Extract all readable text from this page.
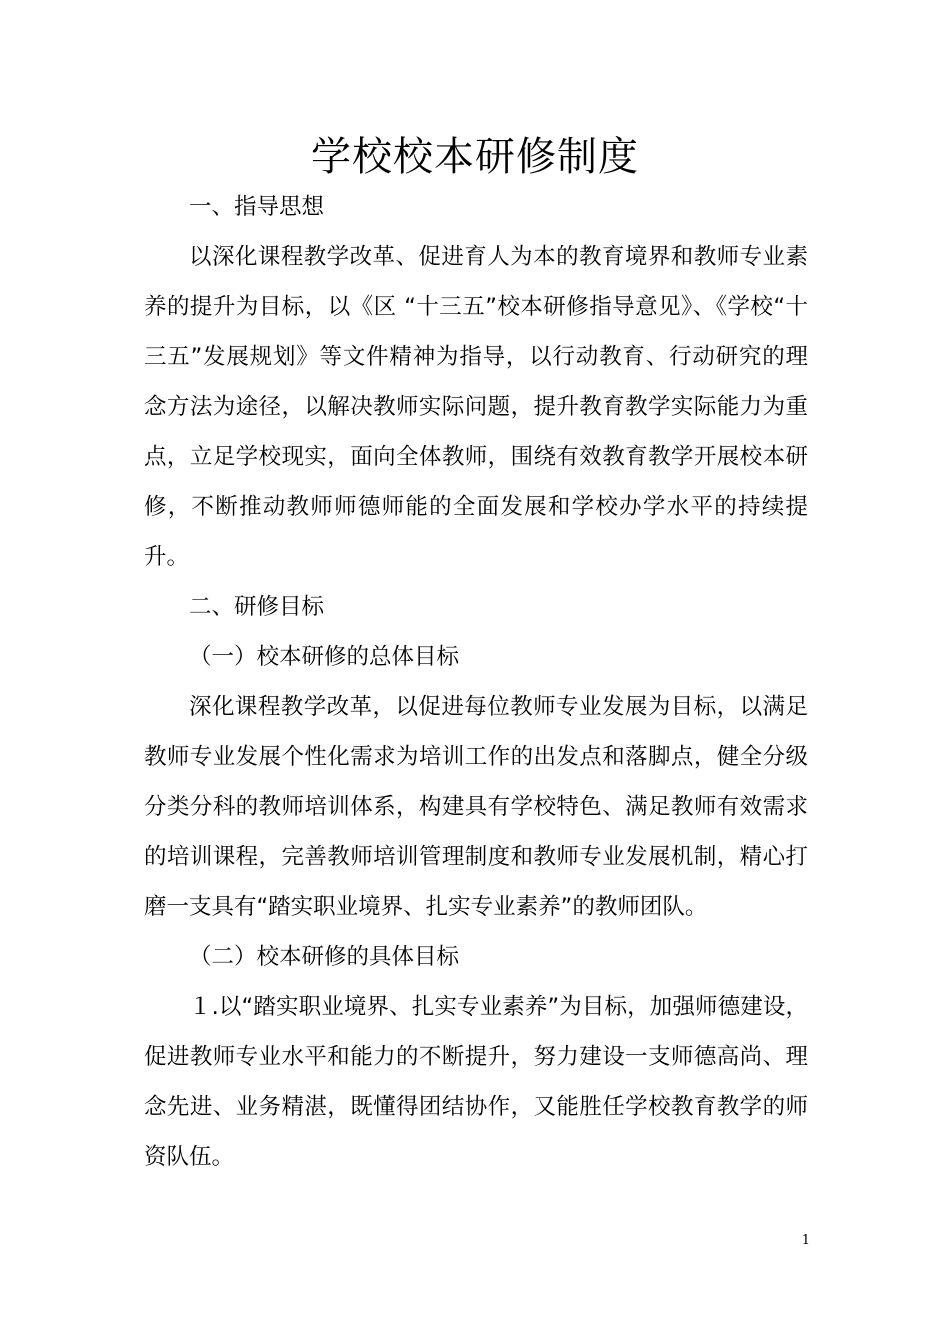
学校校本研修制度

一、指导思想

以深化课程教学改革、促进育人为本的教育境界和教师专业素养的提升为目标，以《区 “十三五”校本研修指导意见》、《学校“十三五”发展规划》等文件精神为指导，以行动教育、行动研究的理念方法为途径，以解决教师实际问题，提升教育教学实际能力为重点，立足学校现实，面向全体教师，围绕有效教育教学开展校本研修，不断推动教师师德师能的全面发展和学校办学水平的持续提升。

二、研修目标

（一）校本研修的总体目标

深化课程教学改革，以促进每位教师专业发展为目标，以满足教师专业发展个性化需求为培训工作的出发点和落脚点，健全分级分类分科的教师培训体系，构建具有学校特色、满足教师有效需求的培训课程，完善教师培训管理制度和教师专业发展机制，精心打磨一支具有“踏实职业境界、扎实专业素养”的教师团队。

（二）校本研修的具体目标

１.以“踏实职业境界、扎实专业素养”为目标，加强师德建设，促进教师专业水平和能力的不断提升，努力建设一支师德高尚、理念先进、业务精湛，既懂得团结协作，又能胜任学校教育教学的师资队伍。

1
